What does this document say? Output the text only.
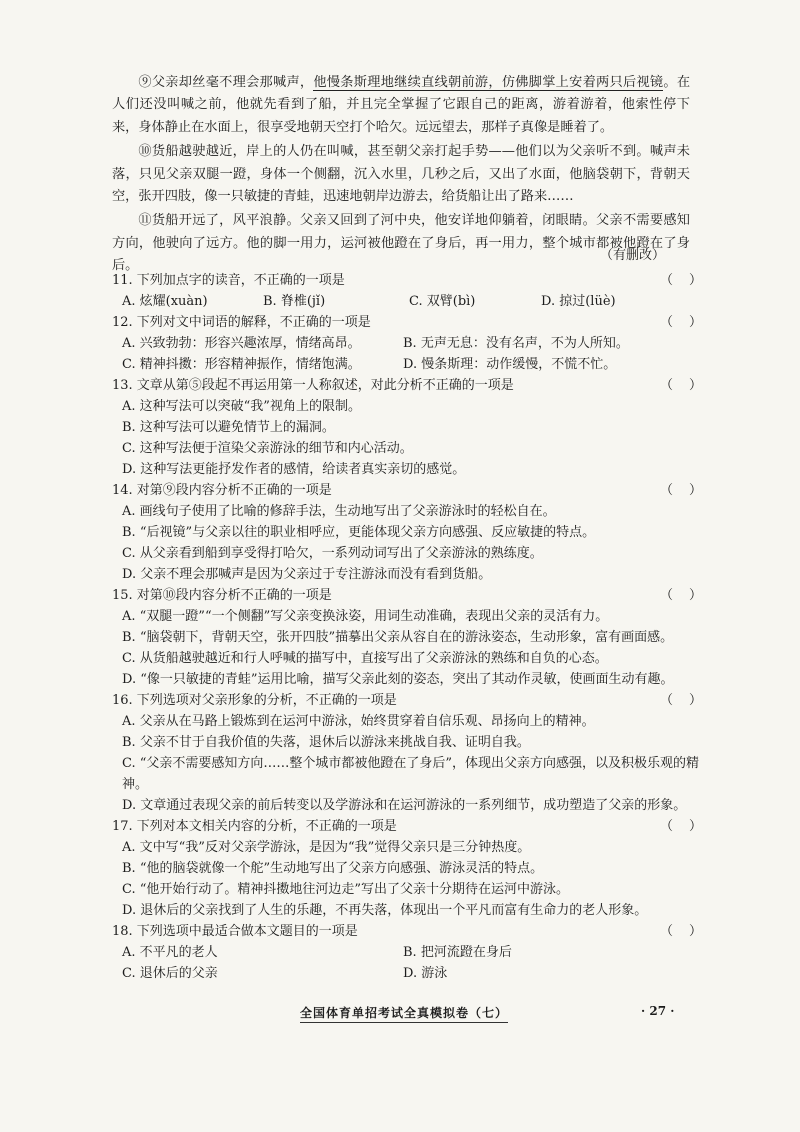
⑨父亲却丝毫不理会那喊声，他慢条斯理地继续直线朝前游，仿佛脚掌上安着两只后视镜。在人们还没叫喊之前，他就先看到了船，并且完全掌握了它跟自己的距离，游着游着，他索性停下来，身体静止在水面上，很享受地朝天空打个哈欠。远远望去，那样子真像是睡着了。

⑩货船越驶越近，岸上的人仍在叫喊，甚至朝父亲打起手势——他们以为父亲听不到。喊声未落，只见父亲双腿一蹬，身体一个侧翻，沉入水里，几秒之后，又出了水面，他脑袋朝下，背朝天空，张开四肢，像一只敏捷的青蛙，迅速地朝岸边游去，给货船让出了路来……

⑪货船开远了，风平浪静。父亲又回到了河中央，他安详地仰躺着，闭眼睛。父亲不需要感知方向，他驶向了远方。他的脚一用力，运河被他蹬在了身后，再一用力，整个城市都被他蹬在了身后。

（有删改）
11. 下列加点字的读音，不正确的一项是	（ ）
A. 炫耀(xuàn)	B. 脊椎(jǐ)	C. 双臂(bì)	D. 掠过(lüè)
12. 下列对文中词语的解释，不正确的一项是	（ ）
A. 兴致勃勃：形容兴趣浓厚，情绪高昂。	B. 无声无息：没有名声，不为人所知。
C. 精神抖擞：形容精神振作，情绪饱满。	D. 慢条斯理：动作缓慢，不慌不忙。
13. 文章从第⑤段起不再运用第一人称叙述，对此分析不正确的一项是	（ ）
A. 这种写法可以突破“我”视角上的限制。
B. 这种写法可以避免情节上的漏洞。
C. 这种写法便于渲染父亲游泳的细节和内心活动。
D. 这种写法更能抒发作者的感情，给读者真实亲切的感觉。
14. 对第⑨段内容分析不正确的一项是	（ ）
A. 画线句子使用了比喻的修辞手法，生动地写出了父亲游泳时的轻松自在。
B. “后视镜”与父亲以往的职业相呼应，更能体现父亲方向感强、反应敏捷的特点。
C. 从父亲看到船到享受得打哈欠，一系列动词写出了父亲游泳的熟练度。
D. 父亲不理会那喊声是因为父亲过于专注游泳而没有看到货船。
15. 对第⑩段内容分析不正确的一项是	（ ）
A. “双腿一蹬”“一个侧翻”写父亲变换泳姿，用词生动准确，表现出父亲的灵活有力。
B. “脑袋朝下，背朝天空，张开四肢”描摹出父亲从容自在的游泳姿态，生动形象，富有画面感。
C. 从货船越驶越近和行人呼喊的描写中，直接写出了父亲游泳的熟练和自负的心态。
D. “像一只敏捷的青蛙”运用比喻，描写父亲此刻的姿态，突出了其动作灵敏，使画面生动有趣。
16. 下列选项对父亲形象的分析，不正确的一项是	（ ）
A. 父亲从在马路上锻炼到在运河中游泳，始终贯穿着自信乐观、昂扬向上的精神。
B. 父亲不甘于自我价值的失落，退休后以游泳来挑战自我、证明自我。
C. “父亲不需要感知方向……整个城市都被他蹬在了身后”，体现出父亲方向感强，以及积极乐观的精神。
D. 文章通过表现父亲的前后转变以及学游泳和在运河游泳的一系列细节，成功塑造了父亲的形象。
17. 下列对本文相关内容的分析，不正确的一项是	（ ）
A. 文中写“我”反对父亲学游泳，是因为“我”觉得父亲只是三分钟热度。
B. “他的脑袋就像一个舵”生动地写出了父亲方向感强、游泳灵活的特点。
C. “他开始行动了。精神抖擞地往河边走”写出了父亲十分期待在运河中游泳。
D. 退休后的父亲找到了人生的乐趣，不再失落，体现出一个平凡而富有生命力的老人形象。
18. 下列选项中最适合做本文题目的一项是	（ ）
A. 不平凡的老人	B. 把河流蹬在身后
C. 退休后的父亲	D. 游泳
全国体育单招考试全真模拟卷（七）	· 27 ·
